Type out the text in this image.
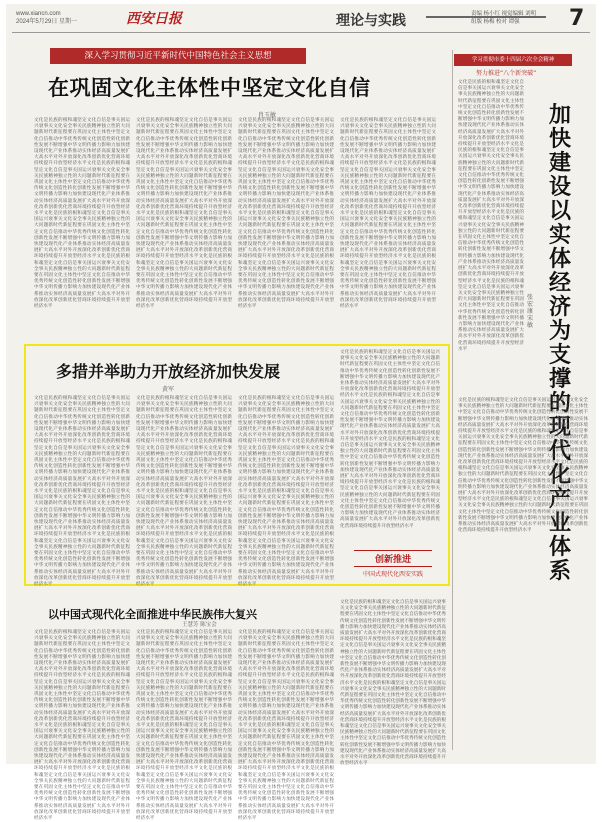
www.xiancn.com
2024年5月29日 星期一	西安日报	理论与实践	责编 杨小红 视觉编辑 刘明
组版 杨梅 校对 谭强	7
深入学习贯彻习近平新时代中国特色社会主义思想
在巩固文化主体性中坚定文化自信
肖玉敏
学习贯彻市委十四届六次全会精神
努力推进“八个新突破”
加快建设以实体经济为支撑的现代化产业体系
张宏康 宋敏
文化是民族的根和魂坚定文化自信是事关国运兴衰事关文化安全事关民族精神独立性的大问题新时代新征程要在巩固文化主体性中坚定文化自信推动中华优秀传统文化创造性转化创新性发展不断增强中华文明传播力影响力加快建设现代化产业体系推动实体经济高质量发展扩大高水平对外开放深化改革创新优化营商环境持续提升开放型经济水平文化是民族的根和魂坚定文化自信是事关国运兴衰事关文化安全事关民族精神独立性的大问题新时代新征程要在巩固文化主体性中坚定文化自信推动中华优秀传统文化创造性转化创新性发展不断增强中华文明传播力影响力加快建设现代化产业体系推动实体经济高质量发展扩大高水平对外开放深化改革创新优化营商环境持续提升开放型经济水平文化是民族的根和魂坚定文化自信是事关国运兴衰事关文化安全事关民族精神独立性的大问题新时代新征程要在巩固文化主体性中坚定文化自信推动中华优秀传统文化创造性转化创新性发展不断增强中华文明传播力影响力加快建设现代化产业体系推动实体经济高质量发展扩大高水平对外开放深化改革创新优化营商环境持续提升开放型经济水平文化是民族的根和魂坚定文化自信是事关国运兴衰事关文化安全事关民族精神独立性的大问题新时代新征程要在巩固文化主体性中坚定文化自信推动中华优秀传统文化创造性转化创新性发展不断增强中华文明传播力影响力加快建设现代化产业体系推动实体经济高质量发展扩大高水平对外开放深化改革创新优化营商环境持续提升开放型经济水平
文化是民族的根和魂坚定文化自信是事关国运兴衰事关文化安全事关民族精神独立性的大问题新时代新征程要在巩固文化主体性中坚定文化自信推动中华优秀传统文化创造性转化创新性发展不断增强中华文明传播力影响力加快建设现代化产业体系推动实体经济高质量发展扩大高水平对外开放深化改革创新优化营商环境持续提升开放型经济水平文化是民族的根和魂坚定文化自信是事关国运兴衰事关文化安全事关民族精神独立性的大问题新时代新征程要在巩固文化主体性中坚定文化自信推动中华优秀传统文化创造性转化创新性发展不断增强中华文明传播力影响力加快建设现代化产业体系推动实体经济高质量发展扩大高水平对外开放深化改革创新优化营商环境持续提升开放型经济水平文化是民族的根和魂坚定文化自信是事关国运兴衰事关文化安全事关民族精神独立性的大问题新时代新征程要在巩固文化主体性中坚定文化自信推动中华优秀传统文化创造性转化创新性发展不断增强中华文明传播力影响力加快建设现代化产业体系推动实体经济高质量发展扩大高水平对外开放深化改革创新优化营商环境持续提升开放型经济水平文化是民族的根和魂坚定文化自信是事关国运兴衰事关文化安全事关民族精神独立性的大问题新时代新征程要在巩固文化主体性中坚定文化自信推动中华优秀传统文化创造性转化创新性发展不断增强中华文明传播力影响力加快建设现代化产业体系推动实体经济高质量发展扩大高水平对外开放深化改革创新优化营商环境持续提升开放型经济水平
文化是民族的根和魂坚定文化自信是事关国运兴衰事关文化安全事关民族精神独立性的大问题新时代新征程要在巩固文化主体性中坚定文化自信推动中华优秀传统文化创造性转化创新性发展不断增强中华文明传播力影响力加快建设现代化产业体系推动实体经济高质量发展扩大高水平对外开放深化改革创新优化营商环境持续提升开放型经济水平文化是民族的根和魂坚定文化自信是事关国运兴衰事关文化安全事关民族精神独立性的大问题新时代新征程要在巩固文化主体性中坚定文化自信推动中华优秀传统文化创造性转化创新性发展不断增强中华文明传播力影响力加快建设现代化产业体系推动实体经济高质量发展扩大高水平对外开放深化改革创新优化营商环境持续提升开放型经济水平文化是民族的根和魂坚定文化自信是事关国运兴衰事关文化安全事关民族精神独立性的大问题新时代新征程要在巩固文化主体性中坚定文化自信推动中华优秀传统文化创造性转化创新性发展不断增强中华文明传播力影响力加快建设现代化产业体系推动实体经济高质量发展扩大高水平对外开放深化改革创新优化营商环境持续提升开放型经济水平文化是民族的根和魂坚定文化自信是事关国运兴衰事关文化安全事关民族精神独立性的大问题新时代新征程要在巩固文化主体性中坚定文化自信推动中华优秀传统文化创造性转化创新性发展不断增强中华文明传播力影响力加快建设现代化产业体系推动实体经济高质量发展扩大高水平对外开放深化改革创新优化营商环境持续提升开放型经济水平
文化是民族的根和魂坚定文化自信是事关国运兴衰事关文化安全事关民族精神独立性的大问题新时代新征程要在巩固文化主体性中坚定文化自信推动中华优秀传统文化创造性转化创新性发展不断增强中华文明传播力影响力加快建设现代化产业体系推动实体经济高质量发展扩大高水平对外开放深化改革创新优化营商环境持续提升开放型经济水平文化是民族的根和魂坚定文化自信是事关国运兴衰事关文化安全事关民族精神独立性的大问题新时代新征程要在巩固文化主体性中坚定文化自信推动中华优秀传统文化创造性转化创新性发展不断增强中华文明传播力影响力加快建设现代化产业体系推动实体经济高质量发展扩大高水平对外开放深化改革创新优化营商环境持续提升开放型经济水平文化是民族的根和魂坚定文化自信是事关国运兴衰事关文化安全事关民族精神独立性的大问题新时代新征程要在巩固文化主体性中坚定文化自信推动中华优秀传统文化创造性转化创新性发展不断增强中华文明传播力影响力加快建设现代化产业体系推动实体经济高质量发展扩大高水平对外开放深化改革创新优化营商环境持续提升开放型经济水平文化是民族的根和魂坚定文化自信是事关国运兴衰事关文化安全事关民族精神独立性的大问题新时代新征程要在巩固文化主体性中坚定文化自信推动中华优秀传统文化创造性转化创新性发展不断增强中华文明传播力影响力加快建设现代化产业体系推动实体经济高质量发展扩大高水平对外开放深化改革创新优化营商环境持续提升开放型经济水平
文化是民族的根和魂坚定文化自信是事关国运兴衰事关文化安全事关民族精神独立性的大问题新时代新征程要在巩固文化主体性中坚定文化自信推动中华优秀传统文化创造性转化创新性发展不断增强中华文明传播力影响力加快建设现代化产业体系推动实体经济高质量发展扩大高水平对外开放深化改革创新优化营商环境持续提升开放型经济水平文化是民族的根和魂坚定文化自信是事关国运兴衰事关文化安全事关民族精神独立性的大问题新时代新征程要在巩固文化主体性中坚定文化自信推动中华优秀传统文化创造性转化创新性发展不断增强中华文明传播力影响力加快建设现代化产业体系推动实体经济高质量发展扩大高水平对外开放深化改革创新优化营商环境持续提升开放型经济水平文化是民族的根和魂坚定文化自信是事关国运兴衰事关文化安全事关民族精神独立性的大问题新时代新征程要在巩固文化主体性中坚定文化自信推动中华优秀传统文化创造性转化创新性发展不断增强中华文明传播力影响力加快建设现代化产业体系推动实体经济高质量发展扩大高水平对外开放深化改革创新优化营商环境持续提升开放型经济水平文化是民族的根和魂坚定文化自信是事关国运兴衰事关文化安全事关民族精神独立性的大问题新时代新征程要在巩固文化主体性中坚定文化自信推动中华优秀传统文化创造性转化创新性发展不断增强中华文明传播力影响力加快建设现代化产业体系推动实体经济高质量发展扩大高水平对外开放深化改革创新优化营商环境持续提升开放型经济水平
文化是民族的根和魂坚定文化自信是事关国运兴衰事关文化安全事关民族精神独立性的大问题新时代新征程要在巩固文化主体性中坚定文化自信推动中华优秀传统文化创造性转化创新性发展不断增强中华文明传播力影响力加快建设现代化产业体系推动实体经济高质量发展扩大高水平对外开放深化改革创新优化营商环境持续提升开放型经济水平文化是民族的根和魂坚定文化自信是事关国运兴衰事关文化安全事关民族精神独立性的大问题新时代新征程要在巩固文化主体性中坚定文化自信推动中华优秀传统文化创造性转化创新性发展不断增强中华文明传播力影响力加快建设现代化产业体系推动实体经济高质量发展扩大高水平对外开放深化改革创新优化营商环境持续提升开放型经济水平文化是民族的根和魂坚定文化自信是事关国运兴衰事关文化安全事关民族精神独立性的大问题新时代新征程要在巩固文化主体性中坚定文化自信推动中华优秀传统文化创造性转化创新性发展不断增强中华文明传播力影响力加快建设现代化产业体系推动实体经济高质量发展扩大高水平对外开放深化改革创新优化营商环境持续提升开放型经济水平文化是民族的根和魂坚定文化自信是事关国运兴衰事关文化安全事关民族精神独立性的大问题新时代新征程要在巩固文化主体性中坚定文化自信推动中华优秀传统文化创造性转化创新性发展不断增强中华文明传播力影响力加快建设现代化产业体系推动实体经济高质量发展扩大高水平对外开放深化改革创新优化营商环境持续提升开放型经济水平
多措并举助力开放经济加快发展
黄军
文化是民族的根和魂坚定文化自信是事关国运兴衰事关文化安全事关民族精神独立性的大问题新时代新征程要在巩固文化主体性中坚定文化自信推动中华优秀传统文化创造性转化创新性发展不断增强中华文明传播力影响力加快建设现代化产业体系推动实体经济高质量发展扩大高水平对外开放深化改革创新优化营商环境持续提升开放型经济水平文化是民族的根和魂坚定文化自信是事关国运兴衰事关文化安全事关民族精神独立性的大问题新时代新征程要在巩固文化主体性中坚定文化自信推动中华优秀传统文化创造性转化创新性发展不断增强中华文明传播力影响力加快建设现代化产业体系推动实体经济高质量发展扩大高水平对外开放深化改革创新优化营商环境持续提升开放型经济水平文化是民族的根和魂坚定文化自信是事关国运兴衰事关文化安全事关民族精神独立性的大问题新时代新征程要在巩固文化主体性中坚定文化自信推动中华优秀传统文化创造性转化创新性发展不断增强中华文明传播力影响力加快建设现代化产业体系推动实体经济高质量发展扩大高水平对外开放深化改革创新优化营商环境持续提升开放型经济水平文化是民族的根和魂坚定文化自信是事关国运兴衰事关文化安全事关民族精神独立性的大问题新时代新征程要在巩固文化主体性中坚定文化自信推动中华优秀传统文化创造性转化创新性发展不断增强中华文明传播力影响力加快建设现代化产业体系推动实体经济高质量发展扩大高水平对外开放深化改革创新优化营商环境持续提升开放型经济水平
文化是民族的根和魂坚定文化自信是事关国运兴衰事关文化安全事关民族精神独立性的大问题新时代新征程要在巩固文化主体性中坚定文化自信推动中华优秀传统文化创造性转化创新性发展不断增强中华文明传播力影响力加快建设现代化产业体系推动实体经济高质量发展扩大高水平对外开放深化改革创新优化营商环境持续提升开放型经济水平文化是民族的根和魂坚定文化自信是事关国运兴衰事关文化安全事关民族精神独立性的大问题新时代新征程要在巩固文化主体性中坚定文化自信推动中华优秀传统文化创造性转化创新性发展不断增强中华文明传播力影响力加快建设现代化产业体系推动实体经济高质量发展扩大高水平对外开放深化改革创新优化营商环境持续提升开放型经济水平文化是民族的根和魂坚定文化自信是事关国运兴衰事关文化安全事关民族精神独立性的大问题新时代新征程要在巩固文化主体性中坚定文化自信推动中华优秀传统文化创造性转化创新性发展不断增强中华文明传播力影响力加快建设现代化产业体系推动实体经济高质量发展扩大高水平对外开放深化改革创新优化营商环境持续提升开放型经济水平文化是民族的根和魂坚定文化自信是事关国运兴衰事关文化安全事关民族精神独立性的大问题新时代新征程要在巩固文化主体性中坚定文化自信推动中华优秀传统文化创造性转化创新性发展不断增强中华文明传播力影响力加快建设现代化产业体系推动实体经济高质量发展扩大高水平对外开放深化改革创新优化营商环境持续提升开放型经济水平
文化是民族的根和魂坚定文化自信是事关国运兴衰事关文化安全事关民族精神独立性的大问题新时代新征程要在巩固文化主体性中坚定文化自信推动中华优秀传统文化创造性转化创新性发展不断增强中华文明传播力影响力加快建设现代化产业体系推动实体经济高质量发展扩大高水平对外开放深化改革创新优化营商环境持续提升开放型经济水平文化是民族的根和魂坚定文化自信是事关国运兴衰事关文化安全事关民族精神独立性的大问题新时代新征程要在巩固文化主体性中坚定文化自信推动中华优秀传统文化创造性转化创新性发展不断增强中华文明传播力影响力加快建设现代化产业体系推动实体经济高质量发展扩大高水平对外开放深化改革创新优化营商环境持续提升开放型经济水平文化是民族的根和魂坚定文化自信是事关国运兴衰事关文化安全事关民族精神独立性的大问题新时代新征程要在巩固文化主体性中坚定文化自信推动中华优秀传统文化创造性转化创新性发展不断增强中华文明传播力影响力加快建设现代化产业体系推动实体经济高质量发展扩大高水平对外开放深化改革创新优化营商环境持续提升开放型经济水平文化是民族的根和魂坚定文化自信是事关国运兴衰事关文化安全事关民族精神独立性的大问题新时代新征程要在巩固文化主体性中坚定文化自信推动中华优秀传统文化创造性转化创新性发展不断增强中华文明传播力影响力加快建设现代化产业体系推动实体经济高质量发展扩大高水平对外开放深化改革创新优化营商环境持续提升开放型经济水平
文化是民族的根和魂坚定文化自信是事关国运兴衰事关文化安全事关民族精神独立性的大问题新时代新征程要在巩固文化主体性中坚定文化自信推动中华优秀传统文化创造性转化创新性发展不断增强中华文明传播力影响力加快建设现代化产业体系推动实体经济高质量发展扩大高水平对外开放深化改革创新优化营商环境持续提升开放型经济水平文化是民族的根和魂坚定文化自信是事关国运兴衰事关文化安全事关民族精神独立性的大问题新时代新征程要在巩固文化主体性中坚定文化自信推动中华优秀传统文化创造性转化创新性发展不断增强中华文明传播力影响力加快建设现代化产业体系推动实体经济高质量发展扩大高水平对外开放深化改革创新优化营商环境持续提升开放型经济水平文化是民族的根和魂坚定文化自信是事关国运兴衰事关文化安全事关民族精神独立性的大问题新时代新征程要在巩固文化主体性中坚定文化自信推动中华优秀传统文化创造性转化创新性发展不断增强中华文明传播力影响力加快建设现代化产业体系推动实体经济高质量发展扩大高水平对外开放深化改革创新优化营商环境持续提升开放型经济水平文化是民族的根和魂坚定文化自信是事关国运兴衰事关文化安全事关民族精神独立性的大问题新时代新征程要在巩固文化主体性中坚定文化自信推动中华优秀传统文化创造性转化创新性发展不断增强中华文明传播力影响力加快建设现代化产业体系推动实体经济高质量发展扩大高水平对外开放深化改革创新优化营商环境持续提升开放型经济水平
创新推进
中国式现代化西安实践
以中国式现代化全面推进中华民族伟大复兴
王慧芳 陈宝会
文化是民族的根和魂坚定文化自信是事关国运兴衰事关文化安全事关民族精神独立性的大问题新时代新征程要在巩固文化主体性中坚定文化自信推动中华优秀传统文化创造性转化创新性发展不断增强中华文明传播力影响力加快建设现代化产业体系推动实体经济高质量发展扩大高水平对外开放深化改革创新优化营商环境持续提升开放型经济水平文化是民族的根和魂坚定文化自信是事关国运兴衰事关文化安全事关民族精神独立性的大问题新时代新征程要在巩固文化主体性中坚定文化自信推动中华优秀传统文化创造性转化创新性发展不断增强中华文明传播力影响力加快建设现代化产业体系推动实体经济高质量发展扩大高水平对外开放深化改革创新优化营商环境持续提升开放型经济水平文化是民族的根和魂坚定文化自信是事关国运兴衰事关文化安全事关民族精神独立性的大问题新时代新征程要在巩固文化主体性中坚定文化自信推动中华优秀传统文化创造性转化创新性发展不断增强中华文明传播力影响力加快建设现代化产业体系推动实体经济高质量发展扩大高水平对外开放深化改革创新优化营商环境持续提升开放型经济水平文化是民族的根和魂坚定文化自信是事关国运兴衰事关文化安全事关民族精神独立性的大问题新时代新征程要在巩固文化主体性中坚定文化自信推动中华优秀传统文化创造性转化创新性发展不断增强中华文明传播力影响力加快建设现代化产业体系推动实体经济高质量发展扩大高水平对外开放深化改革创新优化营商环境持续提升开放型经济水平
文化是民族的根和魂坚定文化自信是事关国运兴衰事关文化安全事关民族精神独立性的大问题新时代新征程要在巩固文化主体性中坚定文化自信推动中华优秀传统文化创造性转化创新性发展不断增强中华文明传播力影响力加快建设现代化产业体系推动实体经济高质量发展扩大高水平对外开放深化改革创新优化营商环境持续提升开放型经济水平文化是民族的根和魂坚定文化自信是事关国运兴衰事关文化安全事关民族精神独立性的大问题新时代新征程要在巩固文化主体性中坚定文化自信推动中华优秀传统文化创造性转化创新性发展不断增强中华文明传播力影响力加快建设现代化产业体系推动实体经济高质量发展扩大高水平对外开放深化改革创新优化营商环境持续提升开放型经济水平文化是民族的根和魂坚定文化自信是事关国运兴衰事关文化安全事关民族精神独立性的大问题新时代新征程要在巩固文化主体性中坚定文化自信推动中华优秀传统文化创造性转化创新性发展不断增强中华文明传播力影响力加快建设现代化产业体系推动实体经济高质量发展扩大高水平对外开放深化改革创新优化营商环境持续提升开放型经济水平文化是民族的根和魂坚定文化自信是事关国运兴衰事关文化安全事关民族精神独立性的大问题新时代新征程要在巩固文化主体性中坚定文化自信推动中华优秀传统文化创造性转化创新性发展不断增强中华文明传播力影响力加快建设现代化产业体系推动实体经济高质量发展扩大高水平对外开放深化改革创新优化营商环境持续提升开放型经济水平
文化是民族的根和魂坚定文化自信是事关国运兴衰事关文化安全事关民族精神独立性的大问题新时代新征程要在巩固文化主体性中坚定文化自信推动中华优秀传统文化创造性转化创新性发展不断增强中华文明传播力影响力加快建设现代化产业体系推动实体经济高质量发展扩大高水平对外开放深化改革创新优化营商环境持续提升开放型经济水平文化是民族的根和魂坚定文化自信是事关国运兴衰事关文化安全事关民族精神独立性的大问题新时代新征程要在巩固文化主体性中坚定文化自信推动中华优秀传统文化创造性转化创新性发展不断增强中华文明传播力影响力加快建设现代化产业体系推动实体经济高质量发展扩大高水平对外开放深化改革创新优化营商环境持续提升开放型经济水平文化是民族的根和魂坚定文化自信是事关国运兴衰事关文化安全事关民族精神独立性的大问题新时代新征程要在巩固文化主体性中坚定文化自信推动中华优秀传统文化创造性转化创新性发展不断增强中华文明传播力影响力加快建设现代化产业体系推动实体经济高质量发展扩大高水平对外开放深化改革创新优化营商环境持续提升开放型经济水平文化是民族的根和魂坚定文化自信是事关国运兴衰事关文化安全事关民族精神独立性的大问题新时代新征程要在巩固文化主体性中坚定文化自信推动中华优秀传统文化创造性转化创新性发展不断增强中华文明传播力影响力加快建设现代化产业体系推动实体经济高质量发展扩大高水平对外开放深化改革创新优化营商环境持续提升开放型经济水平
文化是民族的根和魂坚定文化自信是事关国运兴衰事关文化安全事关民族精神独立性的大问题新时代新征程要在巩固文化主体性中坚定文化自信推动中华优秀传统文化创造性转化创新性发展不断增强中华文明传播力影响力加快建设现代化产业体系推动实体经济高质量发展扩大高水平对外开放深化改革创新优化营商环境持续提升开放型经济水平文化是民族的根和魂坚定文化自信是事关国运兴衰事关文化安全事关民族精神独立性的大问题新时代新征程要在巩固文化主体性中坚定文化自信推动中华优秀传统文化创造性转化创新性发展不断增强中华文明传播力影响力加快建设现代化产业体系推动实体经济高质量发展扩大高水平对外开放深化改革创新优化营商环境持续提升开放型经济水平文化是民族的根和魂坚定文化自信是事关国运兴衰事关文化安全事关民族精神独立性的大问题新时代新征程要在巩固文化主体性中坚定文化自信推动中华优秀传统文化创造性转化创新性发展不断增强中华文明传播力影响力加快建设现代化产业体系推动实体经济高质量发展扩大高水平对外开放深化改革创新优化营商环境持续提升开放型经济水平文化是民族的根和魂坚定文化自信是事关国运兴衰事关文化安全事关民族精神独立性的大问题新时代新征程要在巩固文化主体性中坚定文化自信推动中华优秀传统文化创造性转化创新性发展不断增强中华文明传播力影响力加快建设现代化产业体系推动实体经济高质量发展扩大高水平对外开放深化改革创新优化营商环境持续提升开放型经济水平
